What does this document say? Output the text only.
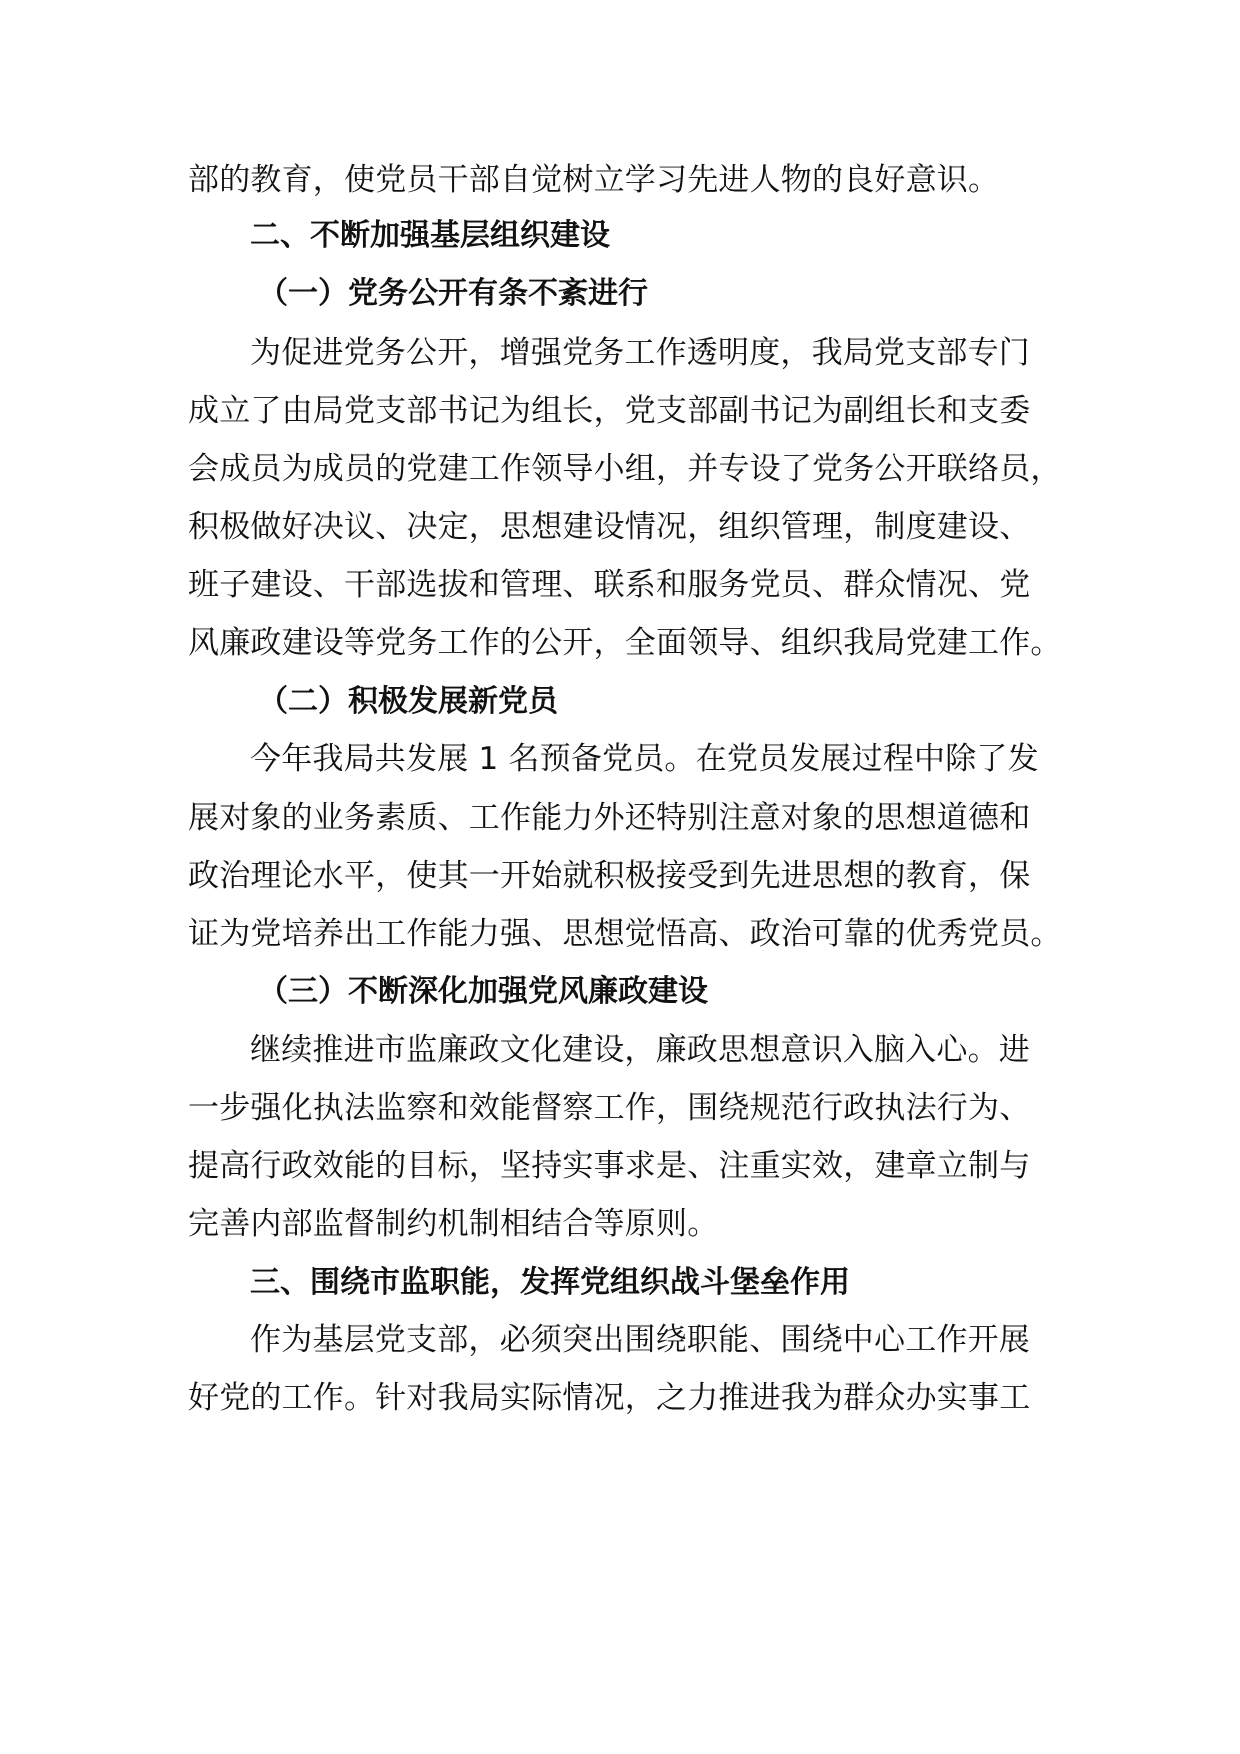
部的教育，使党员干部自觉树立学习先进人物的良好意识。
二、不断加强基层组织建设
（一）党务公开有条不紊进行
为促进党务公开，增强党务工作透明度，我局党支部专门
成立了由局党支部书记为组长，党支部副书记为副组长和支委
会成员为成员的党建工作领导小组，并专设了党务公开联络员，
积极做好决议、决定，思想建设情况，组织管理，制度建设、
班子建设、干部选拔和管理、联系和服务党员、群众情况、党
风廉政建设等党务工作的公开，全面领导、组织我局党建工作。
（二）积极发展新党员
今年我局共发展 1 名预备党员。在党员发展过程中除了发
展对象的业务素质、工作能力外还特别注意对象的思想道德和
政治理论水平，使其一开始就积极接受到先进思想的教育，保
证为党培养出工作能力强、思想觉悟高、政治可靠的优秀党员。
（三）不断深化加强党风廉政建设
继续推进市监廉政文化建设，廉政思想意识入脑入心。进
一步强化执法监察和效能督察工作，围绕规范行政执法行为、
提高行政效能的目标，坚持实事求是、注重实效，建章立制与
完善内部监督制约机制相结合等原则。
三、围绕市监职能，发挥党组织战斗堡垒作用
作为基层党支部，必须突出围绕职能、围绕中心工作开展
好党的工作。针对我局实际情况，之力推进我为群众办实事工
